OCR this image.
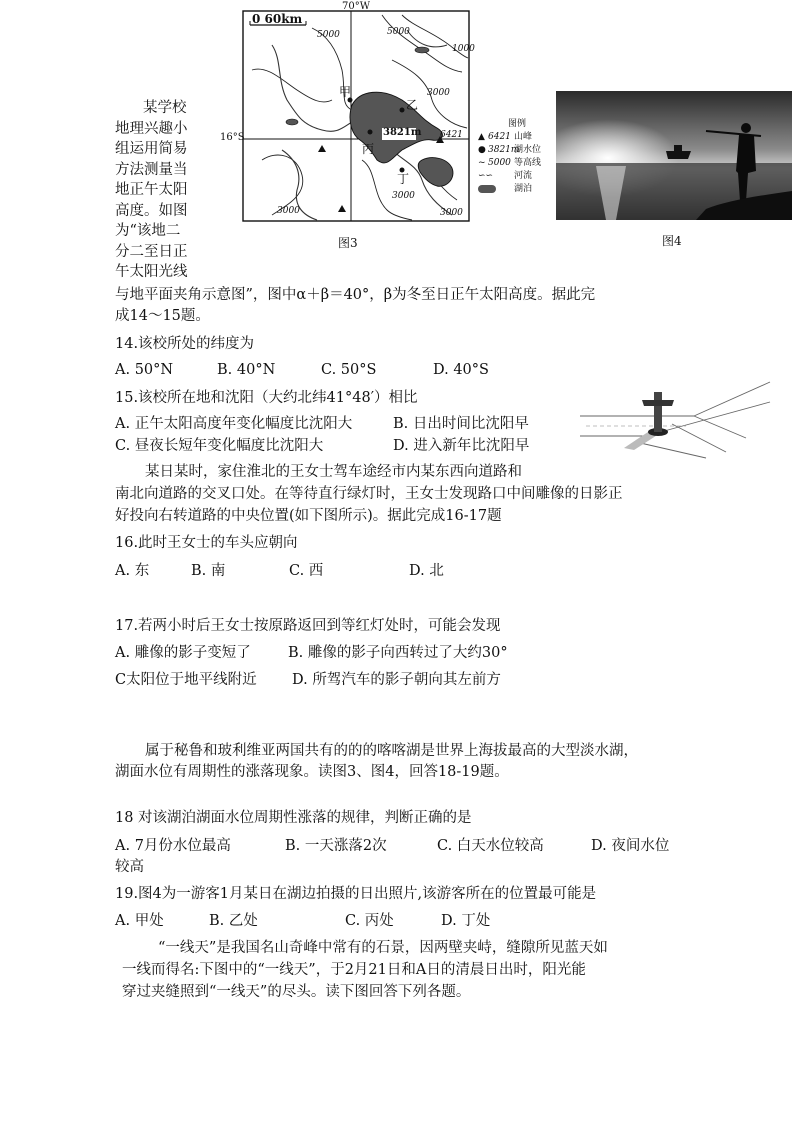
0 60km
70°W
16°S
5000	5000
1000
3000
6421
3000
3000
3000
甲
乙
丙
丁
3821m
图例
▲ 6421 山峰
● 3821m湖水位
~ 5000 等高线
∽∽ 河流
湖泊
图3	图4
某学校
地理兴趣小
组运用简易
方法测量当
地正午太阳
高度。如图
为“该地二
分二至日正
午太阳光线
与地平面夹角示意图”，图中α＋β＝40°，β为冬至日正午太阳高度。据此完
成14～15题。
14.该校所处的纬度为
A. 50°N	B. 40°N	C. 50°S	D. 40°S
15.该校所在地和沈阳（大约北纬41°48′）相比
A. 正午太阳高度年变化幅度比沈阳大	B. 日出时间比沈阳早
C. 昼夜长短年变化幅度比沈阳大	D. 进入新年比沈阳早
某日某时，家住淮北的王女士驾车途经市内某东西向道路和
南北向道路的交叉口处。在等待直行绿灯时，王女士发现路口中间雕像的日影正
好投向右转道路的中央位置(如下图所示)。据此完成16-17题
16.此时王女士的车头应朝向
A. 东	B. 南	C. 西	D. 北
17.若两小时后王女士按原路返回到等红灯处时，可能会发现
A. 雕像的影子变短了	B. 雕像的影子向西转过了大约30°
C太阳位于地平线附近 D. 所驾汽车的影子朝向其左前方
属于秘鲁和玻利维亚两国共有的的的喀喀湖是世界上海拔最高的大型淡水湖，
湖面水位有周期性的涨落现象。读图3、图4，回答18-19题。
18 对该湖泊湖面水位周期性涨落的规律，判断正确的是
A. 7月份水位最高	B. 一天涨落2次	C. 白天水位较高	D. 夜间水位
较高
19.图4为一游客1月某日在湖边拍摄的日出照片,该游客所在的位置最可能是
A. 甲处	B. 乙处	C. 丙处	D. 丁处
“一线天”是我国名山奇峰中常有的石景，因两壁夹峙，缝隙所见蓝天如
一线而得名:下图中的“一线天”，于2月21日和A日的清晨日出时，阳光能
穿过夹缝照到“一线天”的尽头。读下图回答下列各题。
